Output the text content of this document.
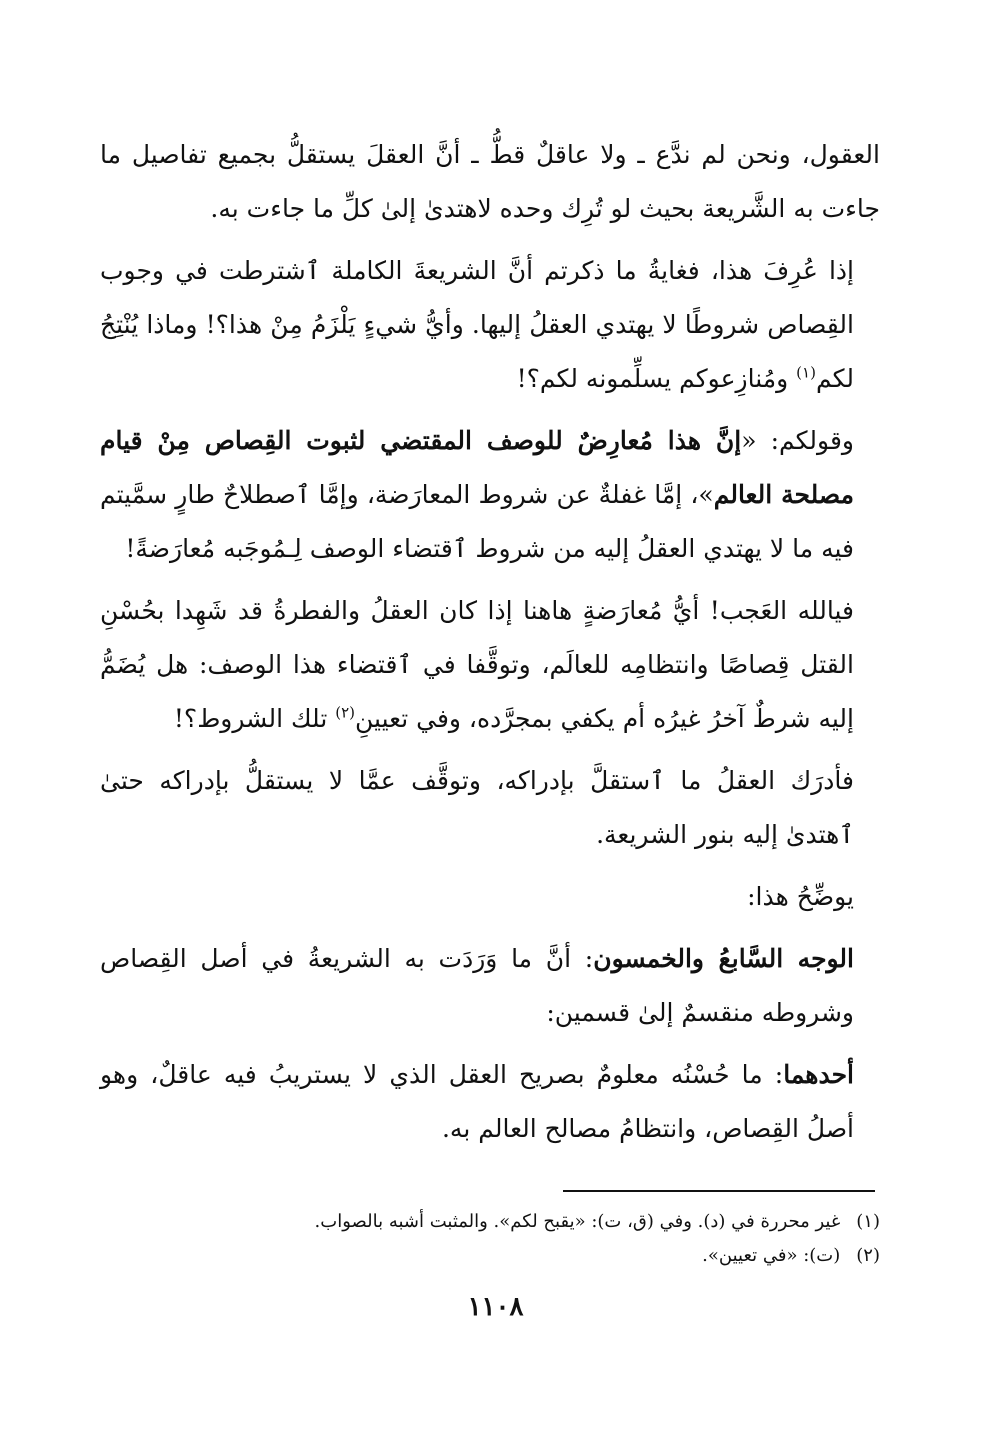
العقول، ونحن لم ندَّع ـ ولا عاقلٌ قطُّ ـ أنَّ العقلَ يستقلُّ بجميع تفاصيل ما جاءت به الشَّريعة بحيث لو تُرِك وحده لاهتدىٰ إلىٰ كلِّ ما جاءت به.

إذا عُرِفَ هذا، فغايةُ ما ذكرتم أنَّ الشريعةَ الكاملة ٱشترطت في وجوب القِصاص شروطًا لا يهتدي العقلُ إليها. وأيُّ شيءٍ يَلْزَمُ مِنْ هذا؟! وماذا يُنْتِجُ لكم$^{(١)}$ ومُنازِعوكم يسلِّمونه لكم؟!

وقولكم: «إنَّ هذا مُعارِضٌ للوصف المقتضي لثبوت القِصاص مِنْ قيام مصلحة العالم»، إمَّا غفلةٌ عن شروط المعارَضة، وإمَّا ٱصطلاحٌ طارٍ سمَّيتم فيه ما لا يهتدي العقلُ إليه من شروط ٱقتضاء الوصف لِـمُوجَبه مُعارَضةً!

فيالله العَجب! أيُّ مُعارَضةٍ هاهنا إذا كان العقلُ والفطرةُ قد شَهِدا بحُسْنِ القتل قِصاصًا وانتظامِه للعالَم، وتوقَّفا في ٱقتضاء هذا الوصف: هل يُضَمُّ إليه شرطٌ آخرُ غيرُه أم يكفي بمجرَّده، وفي تعيينِ$^{(٢)}$ تلك الشروط؟!

فأدرَك العقلُ ما ٱستقلَّ بإدراكه، وتوقَّف عمَّا لا يستقلُّ بإدراكه حتىٰ ٱهتدىٰ إليه بنور الشريعة.

يوضِّحُ هذا:

الوجه السَّابعُ والخمسون: أنَّ ما وَرَدَت به الشريعةُ في أصل القِصاص وشروطه منقسمٌ إلىٰ قسمين:

أحدهما: ما حُسْنُه معلومٌ بصريح العقل الذي لا يستريبُ فيه عاقلٌ، وهو أصلُ القِصاص، وانتظامُ مصالح العالم به.

(١) غير محررة في (د). وفي (ق، ت): «يقبح لكم». والمثبت أشبه بالصواب.
(٢) (ت): «في تعيين».
١١٠٨
